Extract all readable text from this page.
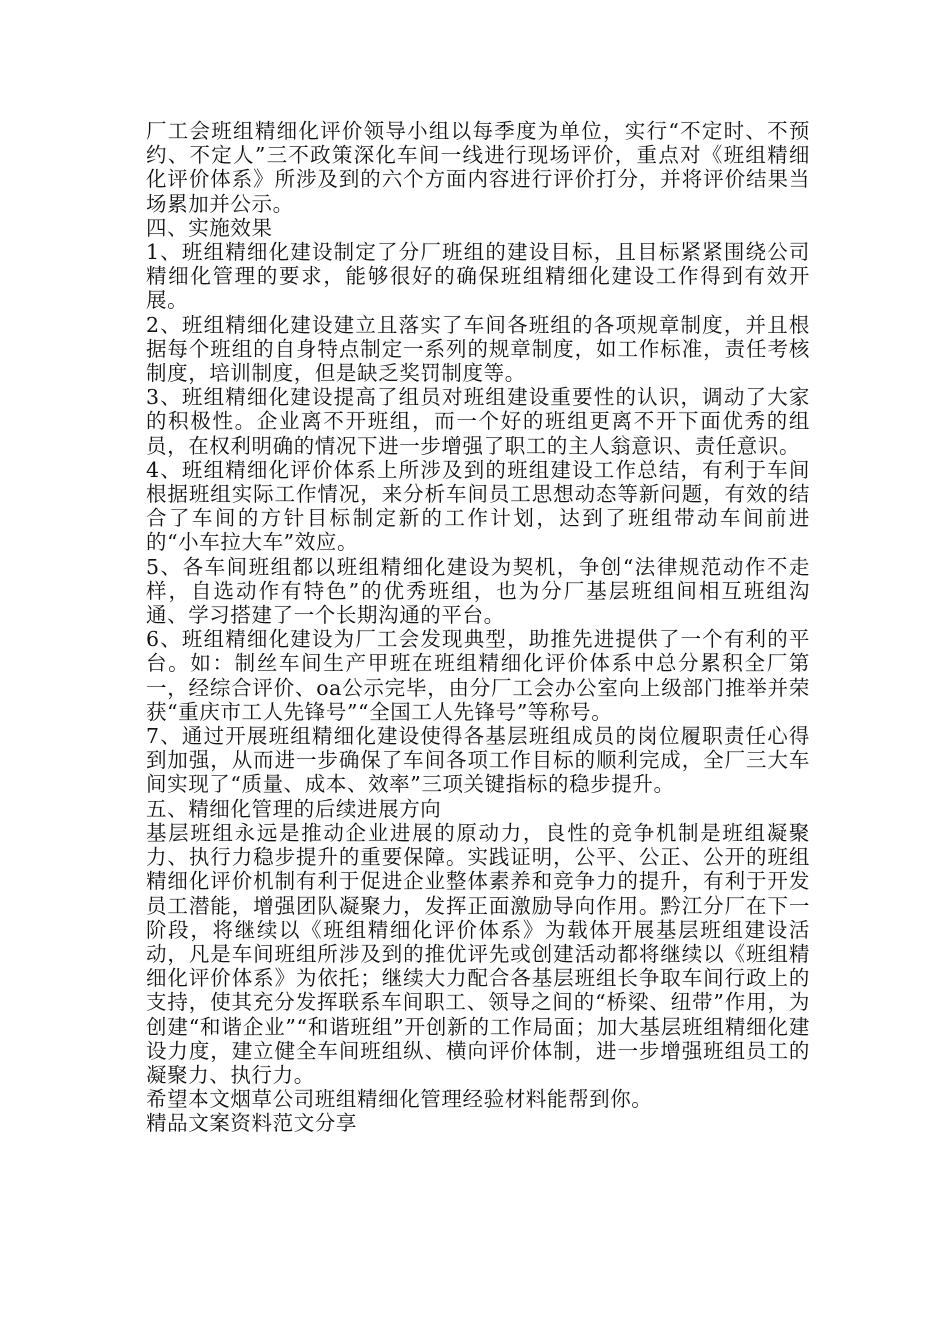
厂工会班组精细化评价领导小组以每季度为单位，实行“不定时、不预约、不定人”三不政策深化车间一线进行现场评价，重点对《班组精细化评价体系》所涉及到的六个方面内容进行评价打分，并将评价结果当场累加并公示。

四、实施效果

1、班组精细化建设制定了分厂班组的建设目标，且目标紧紧围绕公司精细化管理的要求，能够很好的确保班组精细化建设工作得到有效开展。

2、班组精细化建设建立且落实了车间各班组的各项规章制度，并且根据每个班组的自身特点制定一系列的规章制度，如工作标准，责任考核制度，培训制度，但是缺乏奖罚制度等。

3、班组精细化建设提高了组员对班组建设重要性的认识，调动了大家的积极性。企业离不开班组，而一个好的班组更离不开下面优秀的组员，在权利明确的情况下进一步增强了职工的主人翁意识、责任意识。

4、班组精细化评价体系上所涉及到的班组建设工作总结，有利于车间根据班组实际工作情况，来分析车间员工思想动态等新问题，有效的结合了车间的方针目标制定新的工作计划，达到了班组带动车间前进的“小车拉大车”效应。

5、各车间班组都以班组精细化建设为契机，争创“法律规范动作不走样，自选动作有特色”的优秀班组，也为分厂基层班组间相互班组沟通、学习搭建了一个长期沟通的平台。

6、班组精细化建设为厂工会发现典型，助推先进提供了一个有利的平台。如：制丝车间生产甲班在班组精细化评价体系中总分累积全厂第一，经综合评价、oa公示完毕，由分厂工会办公室向上级部门推举并荣获“重庆市工人先锋号”“全国工人先锋号”等称号。

7、通过开展班组精细化建设使得各基层班组成员的岗位履职责任心得到加强，从而进一步确保了车间各项工作目标的顺利完成，全厂三大车间实现了“质量、成本、效率”三项关键指标的稳步提升。

五、精细化管理的后续进展方向

基层班组永远是推动企业进展的原动力，良性的竞争机制是班组凝聚力、执行力稳步提升的重要保障。实践证明，公平、公正、公开的班组精细化评价机制有利于促进企业整体素养和竞争力的提升，有利于开发员工潜能，增强团队凝聚力，发挥正面激励导向作用。黔江分厂在下一阶段，将继续以《班组精细化评价体系》为载体开展基层班组建设活动，凡是车间班组所涉及到的推优评先或创建活动都将继续以《班组精细化评价体系》为依托；继续大力配合各基层班组长争取车间行政上的支持，使其充分发挥联系车间职工、领导之间的“桥梁、纽带”作用，为创建“和谐企业”“和谐班组”开创新的工作局面；加大基层班组精细化建设力度，建立健全车间班组纵、横向评价体制，进一步增强班组员工的凝聚力、执行力。

希望本文烟草公司班组精细化管理经验材料能帮到你。

精品文案资料范文分享
